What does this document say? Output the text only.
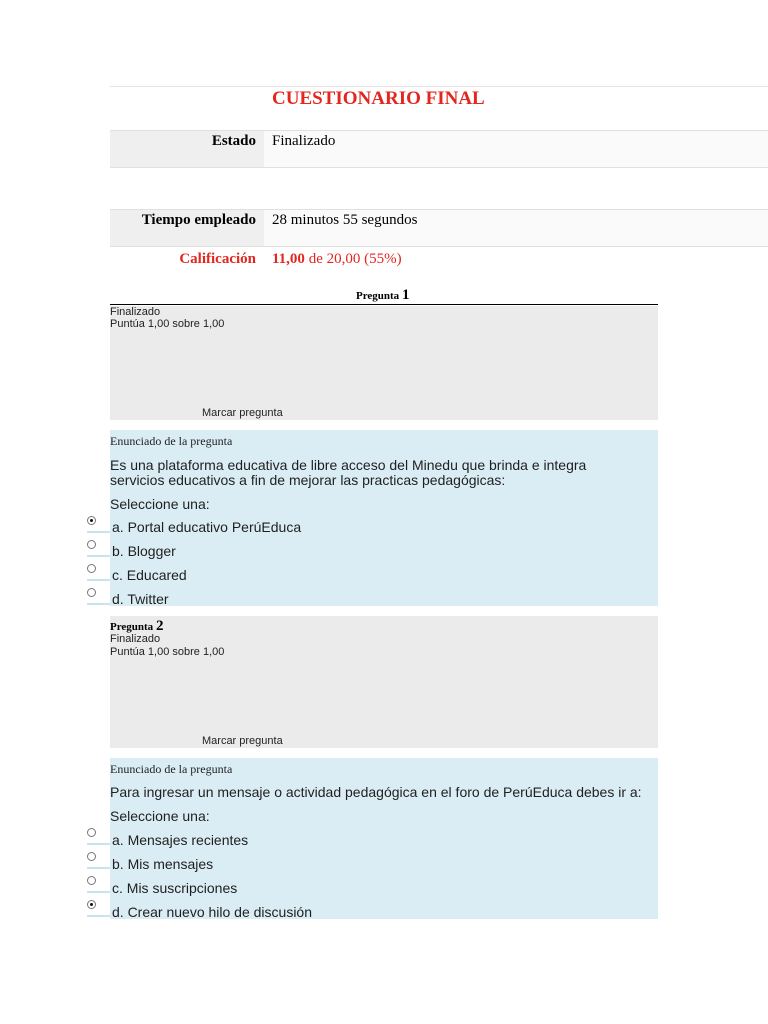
CUESTIONARIO FINAL
Estado Finalizado
Tiempo empleado 28 minutos 55 segundos
Calificación 11,00 de 20,00 (55%)
Pregunta 1
Finalizado
Puntúa 1,00 sobre 1,00
Marcar pregunta
Enunciado de la pregunta
Es una plataforma educativa de libre acceso del Minedu que brinda e integra servicios educativos a fin de mejorar las practicas pedagógicas:
Seleccione una:
a. Portal educativo PerúEduca
b. Blogger
c. Educared
d. Twitter
Pregunta 2
Finalizado
Puntúa 1,00 sobre 1,00
Marcar pregunta
Enunciado de la pregunta
Para ingresar un mensaje o actividad pedagógica en el foro de PerúEduca debes ir a:
Seleccione una:
a. Mensajes recientes
b. Mis mensajes
c. Mis suscripciones
d. Crear nuevo hilo de discusión
